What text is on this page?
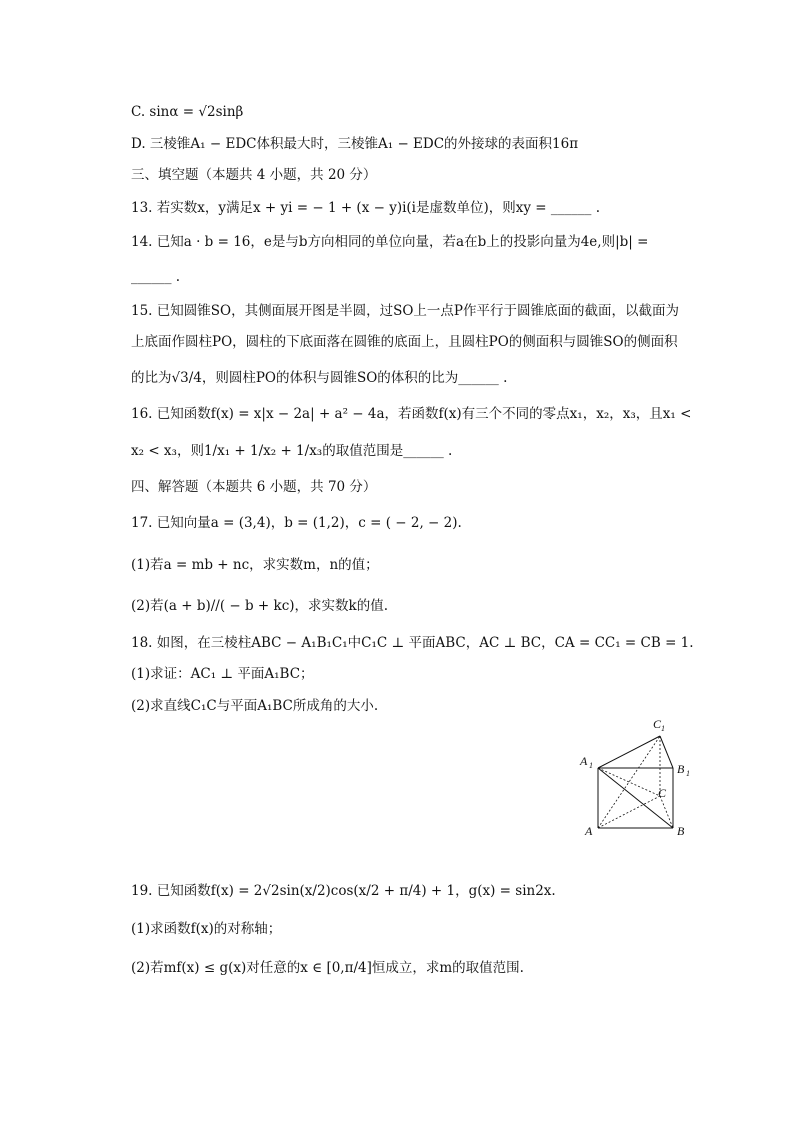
C. sinα = √2sinβ
D. 三棱锥A₁ − EDC体积最大时，三棱锥A₁ − EDC的外接球的表面积16π
三、填空题（本题共 4 小题，共 20 分）
13. 若实数x，y满足x + yi = − 1 + (x − y)i(i是虚数单位)，则xy = ______ .
14. 已知a · b = 16，e是与b方向相同的单位向量，若a在b上的投影向量为4e,则|b| =
______ .
15. 已知圆锥SO，其侧面展开图是半圆，过SO上一点P作平行于圆锥底面的截面，以截面为
上底面作圆柱PO，圆柱的下底面落在圆锥的底面上，且圆柱PO的侧面积与圆锥SO的侧面积
的比为√3/4，则圆柱PO的体积与圆锥SO的体积的比为______ .
16. 已知函数f(x) = x|x − 2a| + a² − 4a，若函数f(x)有三个不同的零点x₁，x₂，x₃，且x₁ <
x₂ < x₃，则1/x₁ + 1/x₂ + 1/x₃的取值范围是______ .
四、解答题（本题共 6 小题，共 70 分）
17. 已知向量a = (3,4)，b = (1,2)，c = ( − 2, − 2).
(1)若a = mb + nc，求实数m，n的值；
(2)若(a + b)//( − b + kc)，求实数k的值.
18. 如图，在三棱柱ABC − A₁B₁C₁中C₁C ⊥ 平面ABC，AC ⊥ BC，CA = CC₁ = CB = 1.
(1)求证：AC₁ ⊥ 平面A₁BC；
(2)求直线C₁C与平面A₁BC所成角的大小.
C 1
A 1	B 1
C
A	B
19. 已知函数f(x) = 2√2sin(x/2)cos(x/2 + π/4) + 1，g(x) = sin2x.
(1)求函数f(x)的对称轴；
(2)若mf(x) ≤ g(x)对任意的x ∈ [0,π/4]恒成立，求m的取值范围.
